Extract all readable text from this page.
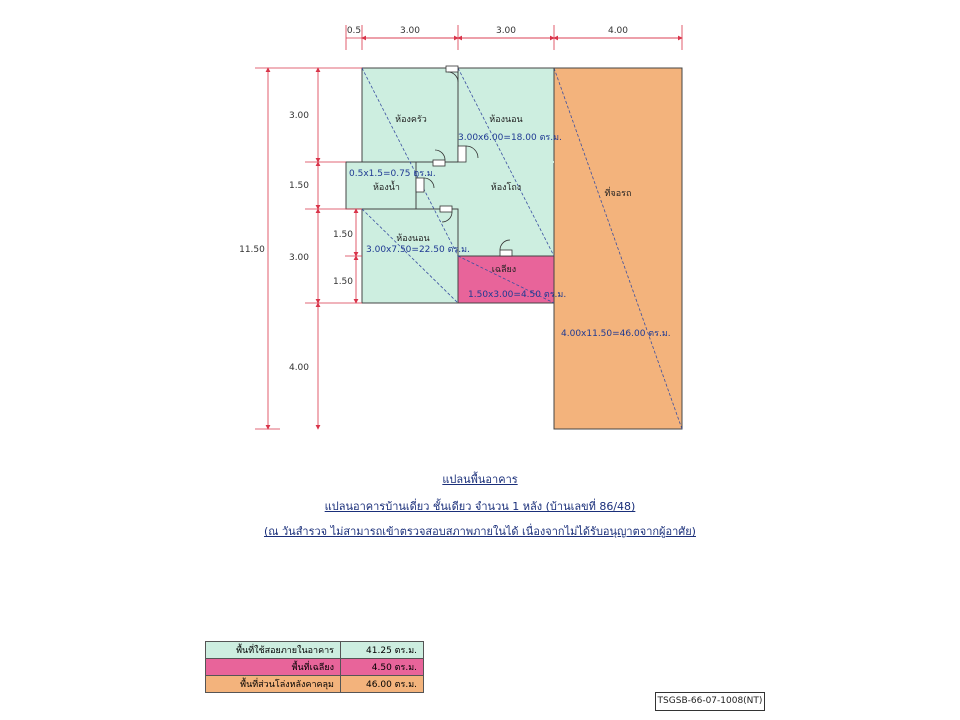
0.5	3.00	3.00	4.00
11.50
3.00
1.50
3.00
4.00
1.50
1.50
ห้องครัว	ห้องนอน
3.00x6.00=18.00 ตร.ม.
0.5x1.5=0.75 ตร.ม.
ห้องน้ำ	ห้องโถง
ห้องนอน
3.00x7.50=22.50 ตร.ม.
เฉลียง
1.50x3.00=4.50 ตร.ม.
ที่จอรถ
4.00x11.50=46.00 ตร.ม.
แปลนพื้นอาคาร
แปลนอาคารบ้านเดี่ยว ชั้นเดียว จำนวน 1 หลัง (บ้านเลขที่ 86/48)
(ณ วันสำรวจ ไม่สามารถเข้าตรวจสอบสภาพภายในได้ เนื่องจากไม่ได้รับอนุญาตจากผู้อาศัย)
พื้นที่ใช้สอยภายในอาคาร	41.25 ตร.ม.
พื้นที่เฉลียง	4.50 ตร.ม.
พื้นที่ส่วนโล่งหลังคาคลุม	46.00 ตร.ม.
TSGSB-66-07-1008(NT)
